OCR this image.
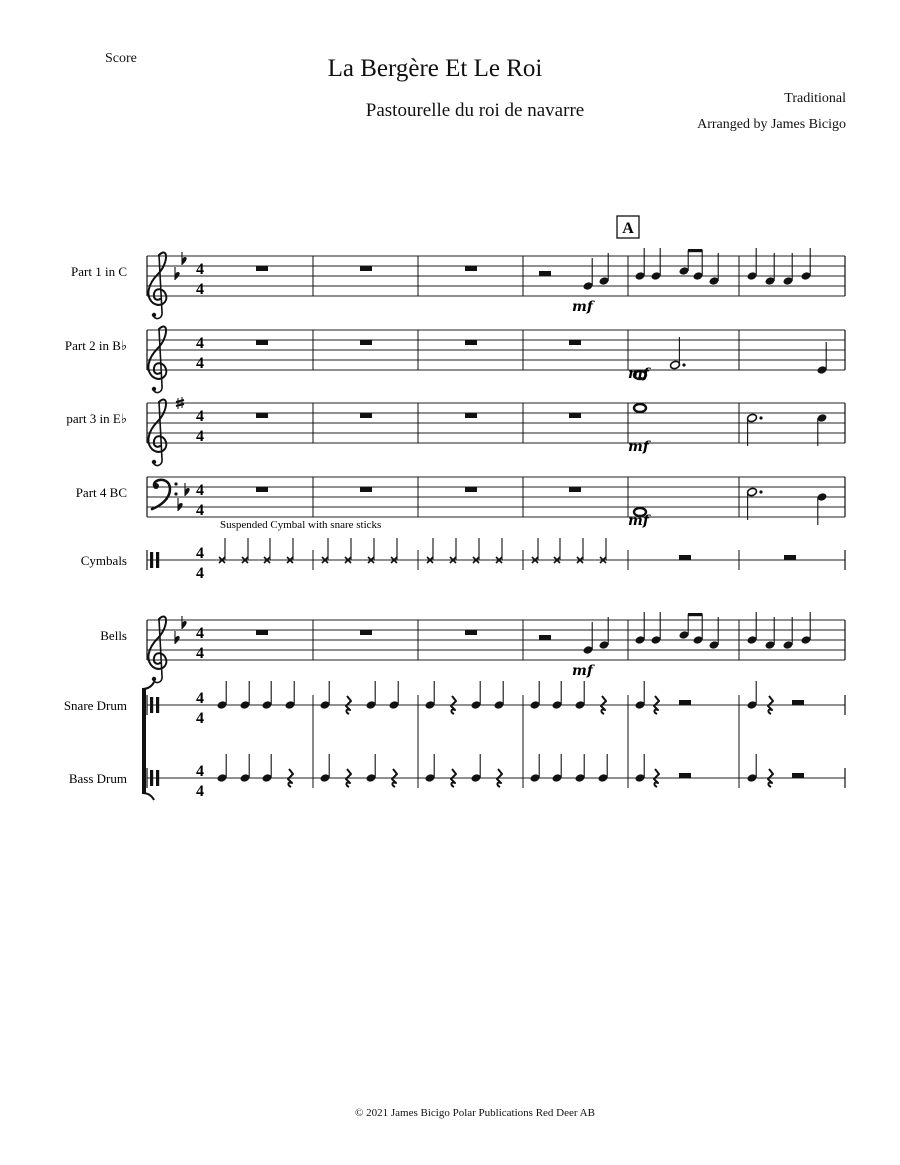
Score	La Bergère Et Le Roi
Pastourelle du roi de navarre
Traditional
Arranged by James Bicigo
A
Suspended Cymbal with snare sticks
Part 1 in C	4
4
mf
Part 2 in B♭	4
4
mf
part 3 in E♭	4
4
mf
Part 4 BC	4
4
mf
Cymbals	4
4
Bells	4
4
mf
Snare Drum	4
4
Bass Drum	4
4
© 2021 James Bicigo Polar Publications Red Deer AB
